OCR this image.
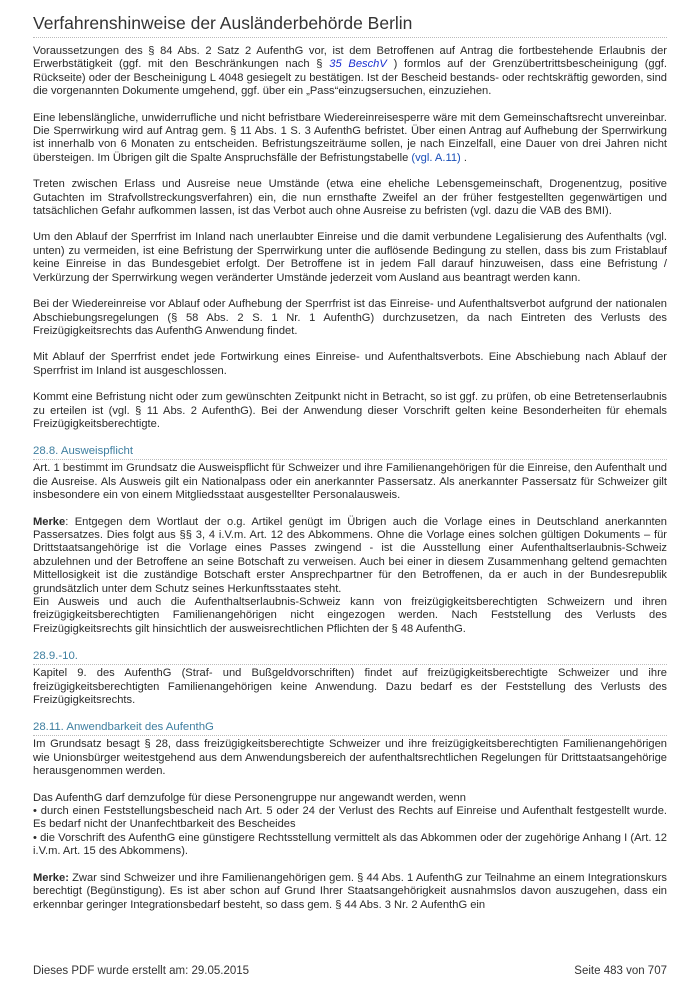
Verfahrenshinweise der Ausländerbehörde Berlin

Voraussetzungen des § 84 Abs. 2 Satz 2 AufenthG vor, ist dem Betroffenen auf Antrag die fortbestehende Erlaubnis der Erwerbstätigkeit (ggf. mit den Beschränkungen nach § 35 BeschV ) formlos auf der Grenzübertrittsbescheinigung (ggf. Rückseite) oder der Bescheinigung L 4048 gesiegelt zu bestätigen. Ist der Bescheid bestands- oder rechtskräftig geworden, sind die vorgenannten Dokumente umgehend, ggf. über ein „Pass“einzugsersuchen, einzuziehen.

Eine lebenslängliche, unwiderrufliche und nicht befristbare Wiedereinreisesperre wäre mit dem Gemeinschaftsrecht unvereinbar. Die Sperrwirkung wird auf Antrag gem. § 11 Abs. 1 S. 3 AufenthG befristet. Über einen Antrag auf Aufhebung der Sperrwirkung ist innerhalb von 6 Monaten zu entscheiden. Befristungszeiträume sollen, je nach Einzelfall, eine Dauer von drei Jahren nicht übersteigen. Im Übrigen gilt die Spalte Anspruchsfälle der Befristungstabelle (vgl. A.11) .

Treten zwischen Erlass und Ausreise neue Umstände (etwa eine eheliche Lebensgemeinschaft, Drogenentzug, positive Gutachten im Strafvollstreckungsverfahren) ein, die nun ernsthafte Zweifel an der früher festgestellten gegenwärtigen und tatsächlichen Gefahr aufkommen lassen, ist das Verbot auch ohne Ausreise zu befristen (vgl. dazu die VAB des BMI).

Um den Ablauf der Sperrfrist im Inland nach unerlaubter Einreise und die damit verbundene Legalisierung des Aufenthalts (vgl. unten) zu vermeiden, ist eine Befristung der Sperrwirkung unter die auflösende Bedingung zu stellen, dass bis zum Fristablauf keine Einreise in das Bundesgebiet erfolgt. Der Betroffene ist in jedem Fall darauf hinzuweisen, dass eine Befristung / Verkürzung der Sperrwirkung wegen veränderter Umstände jederzeit vom Ausland aus beantragt werden kann.

Bei der Wiedereinreise vor Ablauf oder Aufhebung der Sperrfrist ist das Einreise- und Aufenthaltsverbot aufgrund der nationalen Abschiebungsregelungen (§ 58 Abs. 2 S. 1 Nr. 1 AufenthG) durchzusetzen, da nach Eintreten des Verlusts des Freizügigkeitsrechts das AufenthG Anwendung findet.

Mit Ablauf der Sperrfrist endet jede Fortwirkung eines Einreise- und Aufenthaltsverbots. Eine Abschiebung nach Ablauf der Sperrfrist im Inland ist ausgeschlossen.

Kommt eine Befristung nicht oder zum gewünschten Zeitpunkt nicht in Betracht, so ist ggf. zu prüfen, ob eine Betretenserlaubnis zu erteilen ist (vgl. § 11 Abs. 2 AufenthG). Bei der Anwendung dieser Vorschrift gelten keine Besonderheiten für ehemals Freizügigkeitsberechtigte.

28.8. Ausweispflicht

Art. 1 bestimmt im Grundsatz die Ausweispflicht für Schweizer und ihre Familienangehörigen für die Einreise, den Aufenthalt und die Ausreise. Als Ausweis gilt ein Nationalpass oder ein anerkannter Passersatz. Als anerkannter Passersatz für Schweizer gilt insbesondere ein von einem Mitgliedsstaat ausgestellter Personalausweis.

Merke: Entgegen dem Wortlaut der o.g. Artikel genügt im Übrigen auch die Vorlage eines in Deutschland anerkannten Passersatzes. Dies folgt aus §§ 3, 4 i.V.m. Art. 12 des Abkommens. Ohne die Vorlage eines solchen gültigen Dokuments – für Drittstaatsangehörige ist die Vorlage eines Passes zwingend - ist die Ausstellung einer Aufenthaltserlaubnis-Schweiz abzulehnen und der Betroffene an seine Botschaft zu verweisen. Auch bei einer in diesem Zusammenhang geltend gemachten Mittellosigkeit ist die zuständige Botschaft erster Ansprechpartner für den Betroffenen, da er auch in der Bundesrepublik grundsätzlich unter dem Schutz seines Herkunftsstaates steht.

Ein Ausweis und auch die Aufenthaltserlaubnis-Schweiz kann von freizügigkeitsberechtigten Schweizern und ihren freizügigkeitsberechtigten Familienangehörigen nicht eingezogen werden. Nach Feststellung des Verlusts des Freizügigkeitsrechts gilt hinsichtlich der ausweisrechtlichen Pflichten der § 48 AufenthG.

28.9.-10.

Kapitel 9. des AufenthG (Straf- und Bußgeldvorschriften) findet auf freizügigkeitsberechtigte Schweizer und ihre freizügigkeitsberechtigten Familienangehörigen keine Anwendung. Dazu bedarf es der Feststellung des Verlusts des Freizügigkeitsrechts.

28.11. Anwendbarkeit des AufenthG

Im Grundsatz besagt § 28, dass freizügigkeitsberechtigte Schweizer und ihre freizügigkeitsberechtigten Familienangehörigen wie Unionsbürger weitestgehend aus dem Anwendungsbereich der aufenthaltsrechtlichen Regelungen für Drittstaatsangehörige herausgenommen werden.

Das AufenthG darf demzufolge für diese Personengruppe nur angewandt werden, wenn

• durch einen Feststellungsbescheid nach Art. 5 oder 24 der Verlust des Rechts auf Einreise und Aufenthalt festgestellt wurde. Es bedarf nicht der Unanfechtbarkeit des Bescheides

• die Vorschrift des AufenthG eine günstigere Rechtsstellung vermittelt als das Abkommen oder der zugehörige Anhang I (Art. 12 i.V.m. Art. 15 des Abkommens).

Merke: Zwar sind Schweizer und ihre Familienangehörigen gem. § 44 Abs. 1 AufenthG zur Teilnahme an einem Integrationskurs berechtigt (Begünstigung). Es ist aber schon auf Grund Ihrer Staatsangehörigkeit ausnahmslos davon auszugehen, dass ein erkennbar geringer Integrationsbedarf besteht, so dass gem. § 44 Abs. 3 Nr. 2 AufenthG ein

Dieses PDF wurde erstellt am: 29.05.2015	Seite 483 von 707
